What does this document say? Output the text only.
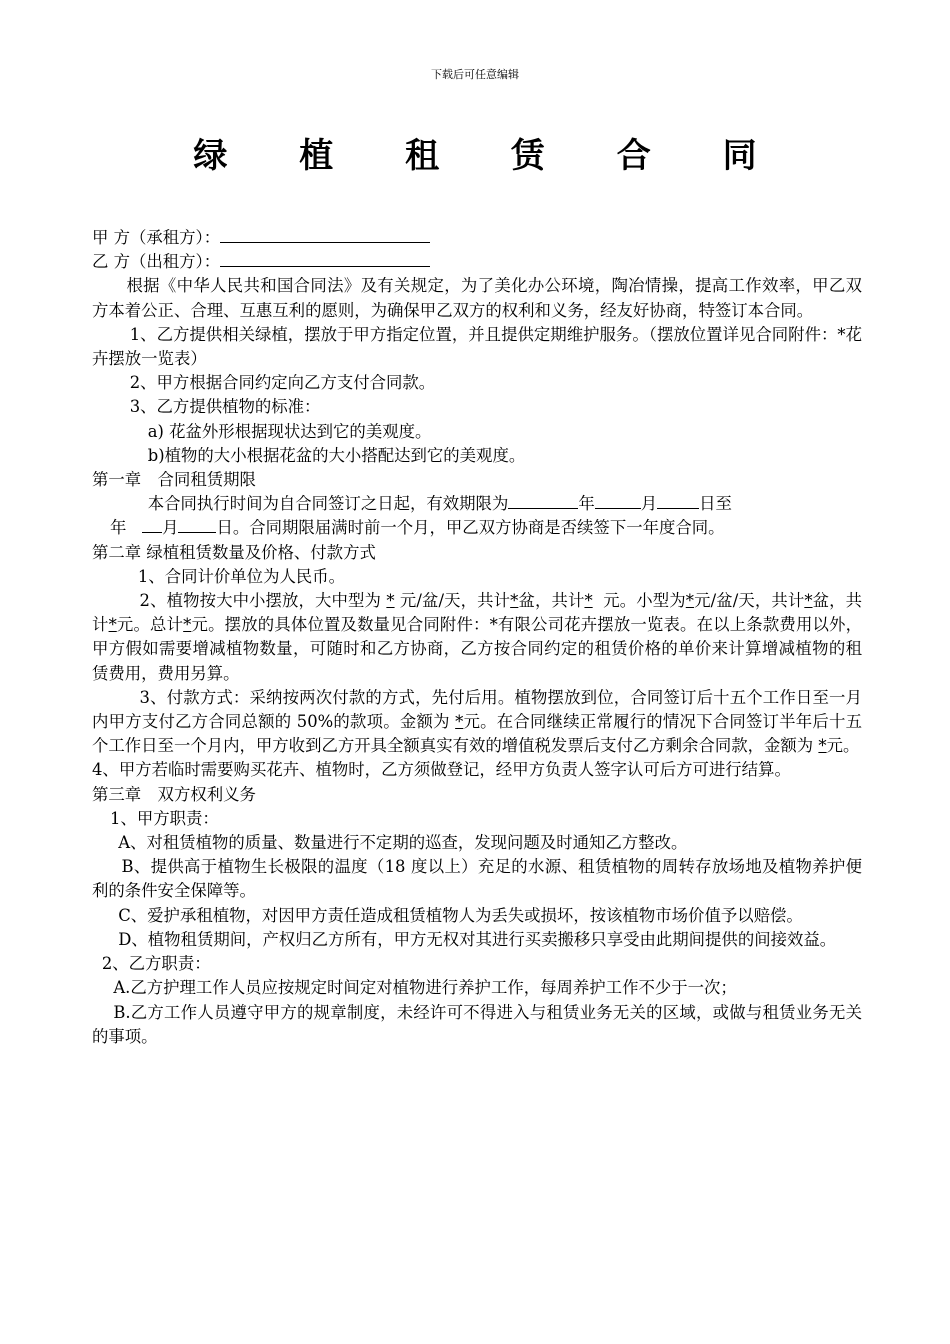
下载后可任意编辑
绿 植 租 赁 合 同

甲 方（承租方）：

乙 方（出租方）：

根据《中华人民共和国合同法》及有关规定，为了美化办公环境，陶冶情操，提高工作效率，甲乙双方本着公正、合理、互惠互利的愿则，为确保甲乙双方的权利和义务，经友好协商，特签订本合同。

1、乙方提供相关绿植，摆放于甲方指定位置，并且提供定期维护服务。（摆放位置详见合同附件：*花卉摆放一览表）

2、甲方根据合同约定向乙方支付合同款。

3、乙方提供植物的标准：

a) 花盆外形根据现状达到它的美观度。

b)植物的大小根据花盆的大小搭配达到它的美观度。

第一章　合同租赁期限

本合同执行时间为自合同签订之日起，有效期限为	年	月	日至

年 月 日。合同期限届满时前一个月，甲乙双方协商是否续签下一年度合同。

第二章 绿植租赁数量及价格、付款方式

1、合同计价单位为人民币。

2、植物按大中小摆放，大中型为 * 元/盆/天，共计*盆，共计* 元。小型为*元/盆/天，共计*盆，共计*元。总计*元。摆放的具体位置及数量见合同附件：*有限公司花卉摆放一览表。在以上条款费用以外，甲方假如需要增减植物数量，可随时和乙方协商，乙方按合同约定的租赁价格的单价来计算增减植物的租赁费用，费用另算。

3、付款方式：采纳按两次付款的方式，先付后用。植物摆放到位，合同签订后十五个工作日至一月内甲方支付乙方合同总额的 50%的款项。金额为 *元。在合同继续正常履行的情况下合同签订半年后十五个工作日至一个月内，甲方收到乙方开具全额真实有效的增值税发票后支付乙方剩余合同款，金额为 *元。

4、甲方若临时需要购买花卉、植物时，乙方须做登记，经甲方负责人签字认可后方可进行结算。

第三章　双方权利义务

1、甲方职责：

A、对租赁植物的质量、数量进行不定期的巡查，发现问题及时通知乙方整改。

B、提供高于植物生长极限的温度（18 度以上）充足的水源、租赁植物的周转存放场地及植物养护便利的条件安全保障等。

C、爱护承租植物，对因甲方责任造成租赁植物人为丢失或损坏，按该植物市场价值予以赔偿。

D、植物租赁期间，产权归乙方所有，甲方无权对其进行买卖搬移只享受由此期间提供的间接效益。

2、乙方职责：

A.乙方护理工作人员应按规定时间定对植物进行养护工作，每周养护工作不少于一次；

B.乙方工作人员遵守甲方的规章制度，未经许可不得进入与租赁业务无关的区域，或做与租赁业务无关的事项。
